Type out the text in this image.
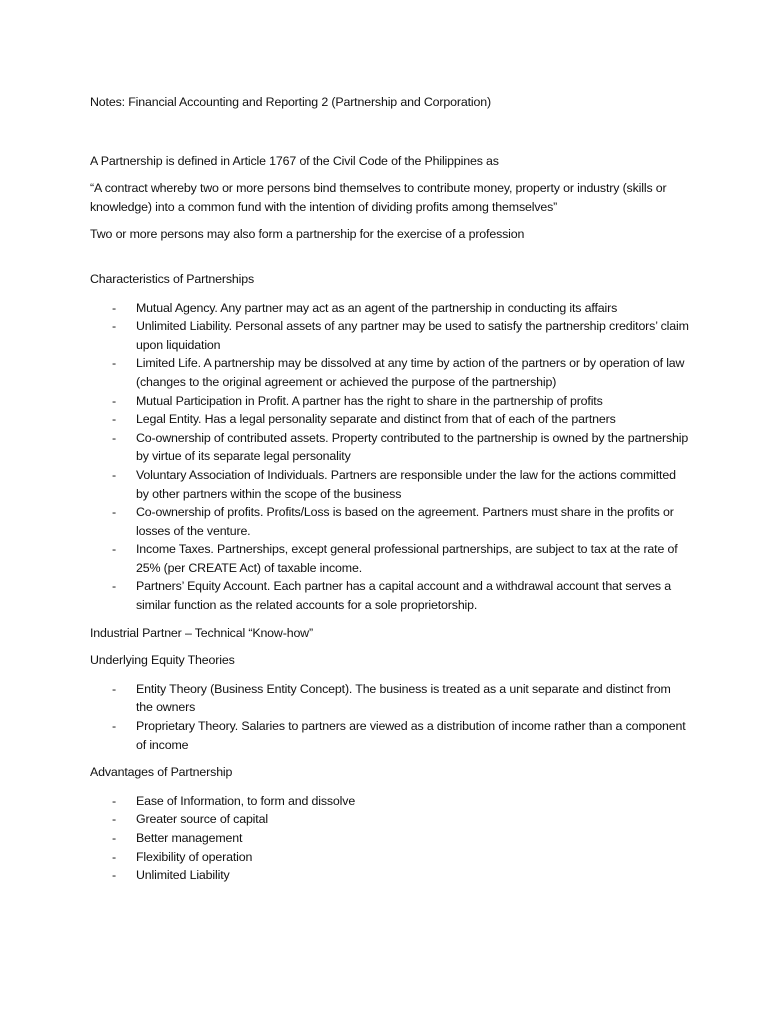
Notes: Financial Accounting and Reporting 2 (Partnership and Corporation)

A Partnership is defined in Article 1767 of the Civil Code of the Philippines as

“A contract whereby two or more persons bind themselves to contribute money, property or industry (skills or knowledge) into a common fund with the intention of dividing profits among themselves”

Two or more persons may also form a partnership for the exercise of a profession

Characteristics of Partnerships

- Mutual Agency. Any partner may act as an agent of the partnership in conducting its affairs
- Unlimited Liability. Personal assets of any partner may be used to satisfy the partnership creditors’ claim upon liquidation
- Limited Life. A partnership may be dissolved at any time by action of the partners or by operation of law (changes to the original agreement or achieved the purpose of the partnership)
- Mutual Participation in Profit. A partner has the right to share in the partnership of profits
- Legal Entity. Has a legal personality separate and distinct from that of each of the partners
- Co-ownership of contributed assets. Property contributed to the partnership is owned by the partnership by virtue of its separate legal personality
- Voluntary Association of Individuals. Partners are responsible under the law for the actions committed by other partners within the scope of the business
- Co-ownership of profits. Profits/Loss is based on the agreement. Partners must share in the profits or losses of the venture.
- Income Taxes. Partnerships, except general professional partnerships, are subject to tax at the rate of 25% (per CREATE Act) of taxable income.
- Partners’ Equity Account. Each partner has a capital account and a withdrawal account that serves a similar function as the related accounts for a sole proprietorship.

Industrial Partner – Technical “Know-how”

Underlying Equity Theories

- Entity Theory (Business Entity Concept). The business is treated as a unit separate and distinct from the owners
- Proprietary Theory. Salaries to partners are viewed as a distribution of income rather than a component of income

Advantages of Partnership

- Ease of Information, to form and dissolve
- Greater source of capital
- Better management
- Flexibility of operation
- Unlimited Liability
